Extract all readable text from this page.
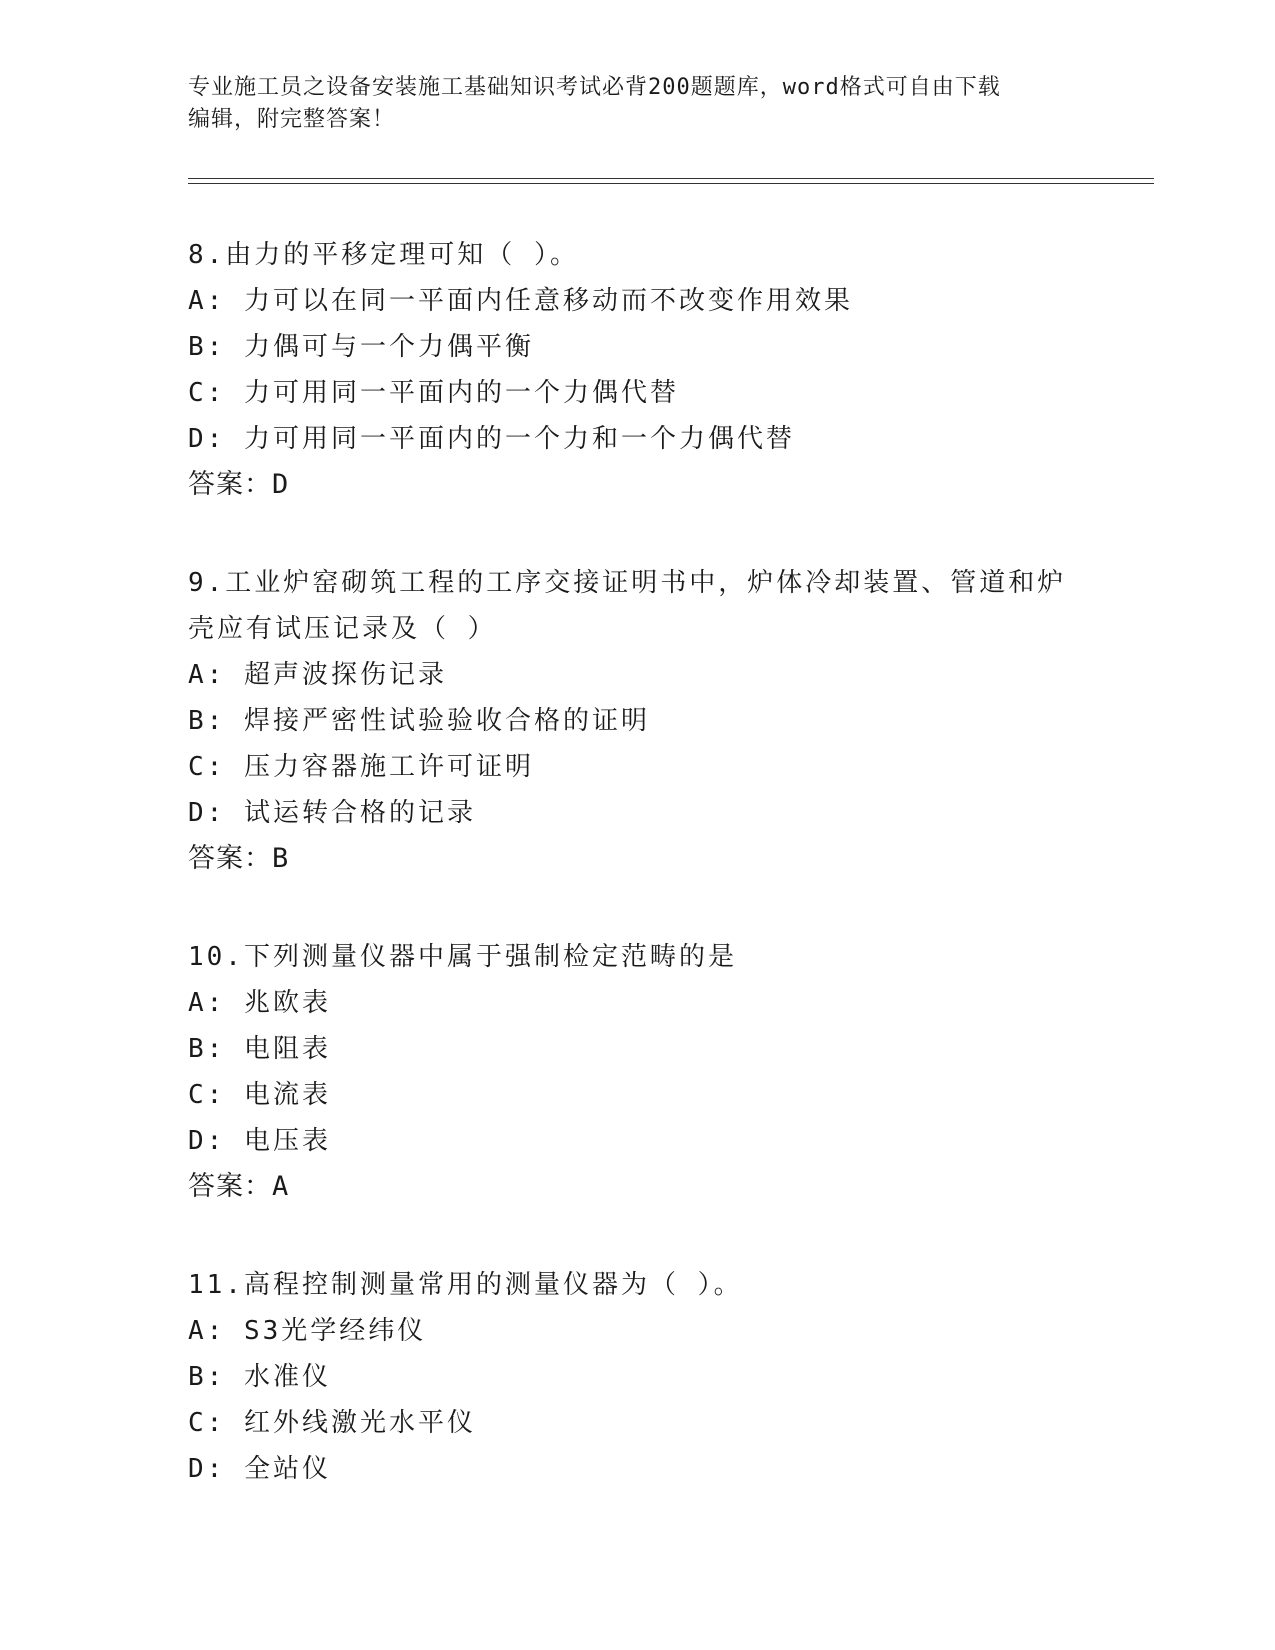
专业施工员之设备安装施工基础知识考试必背200题题库，word格式可自由下载
编辑，附完整答案！
8.由力的平移定理可知（ ）。
A: 力可以在同一平面内任意移动而不改变作用效果
B: 力偶可与一个力偶平衡
C: 力可用同一平面内的一个力偶代替
D: 力可用同一平面内的一个力和一个力偶代替
答案：D
9.工业炉窑砌筑工程的工序交接证明书中，炉体冷却装置、管道和炉
壳应有试压记录及（ ）
A: 超声波探伤记录
B: 焊接严密性试验验收合格的证明
C: 压力容器施工许可证明
D: 试运转合格的记录
答案：B
10.下列测量仪器中属于强制检定范畴的是
A: 兆欧表
B: 电阻表
C: 电流表
D: 电压表
答案：A
11.高程控制测量常用的测量仪器为（ ）。
A: S3光学经纬仪
B: 水准仪
C: 红外线激光水平仪
D: 全站仪
